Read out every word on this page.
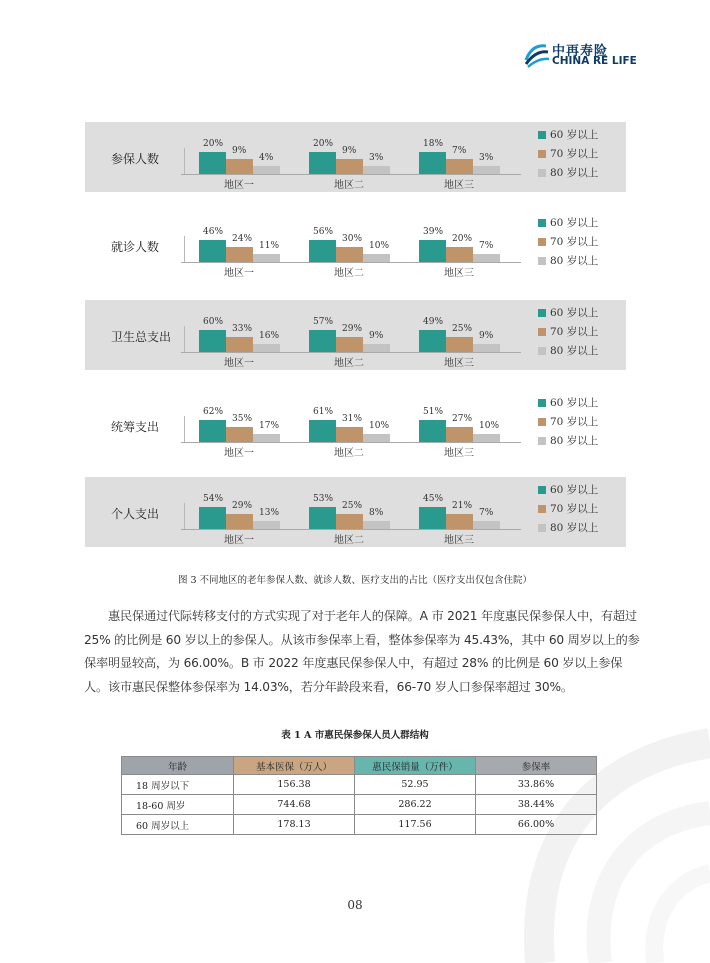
中再寿险
CHINA RE LIFE
参保人数
20%
9%
4%
地区一
20%
9%
3%
地区二
18%
7%
3%
地区三
60 岁以上
70 岁以上
80 岁以上
就诊人数
46%
24%
11%
地区一
56%
30%
10%
地区二
39%
20%
7%
地区三
60 岁以上
70 岁以上
80 岁以上
卫生总支出
60%
33%
16%
地区一
57%
29%
9%
地区二
49%
25%
9%
地区三
60 岁以上
70 岁以上
80 岁以上
统筹支出
62%
35%
17%
地区一
61%
31%
10%
地区二
51%
27%
10%
地区三
60 岁以上
70 岁以上
80 岁以上
个人支出
54%
29%
13%
地区一
53%
25%
8%
地区二
45%
21%
7%
地区三
60 岁以上
70 岁以上
80 岁以上
图 3 不同地区的老年参保人数、就诊人数、医疗支出的占比（医疗支出仅包含住院）

惠民保通过代际转移支付的方式实现了对于老年人的保障。A 市 2021 年度惠民保参保人中，有超过 25% 的比例是 60 岁以上的参保人。从该市参保率上看，整体参保率为 45.43%，其中 60 周岁以上的参保率明显较高，为 66.00%。B 市 2022 年度惠民保参保人中，有超过 28% 的比例是 60 岁以上参保人。该市惠民保整体参保率为 14.03%，若分年龄段来看，66-70 岁人口参保率超过 30%。

表 1 A 市惠民保参保人员人群结构
年龄	基本医保（万人）	惠民保销量（万件）	参保率
18 周岁以下	156.38	52.95	33.86%
18-60 周岁	744.68	286.22	38.44%
60 周岁以上	178.13	117.56	66.00%
08
